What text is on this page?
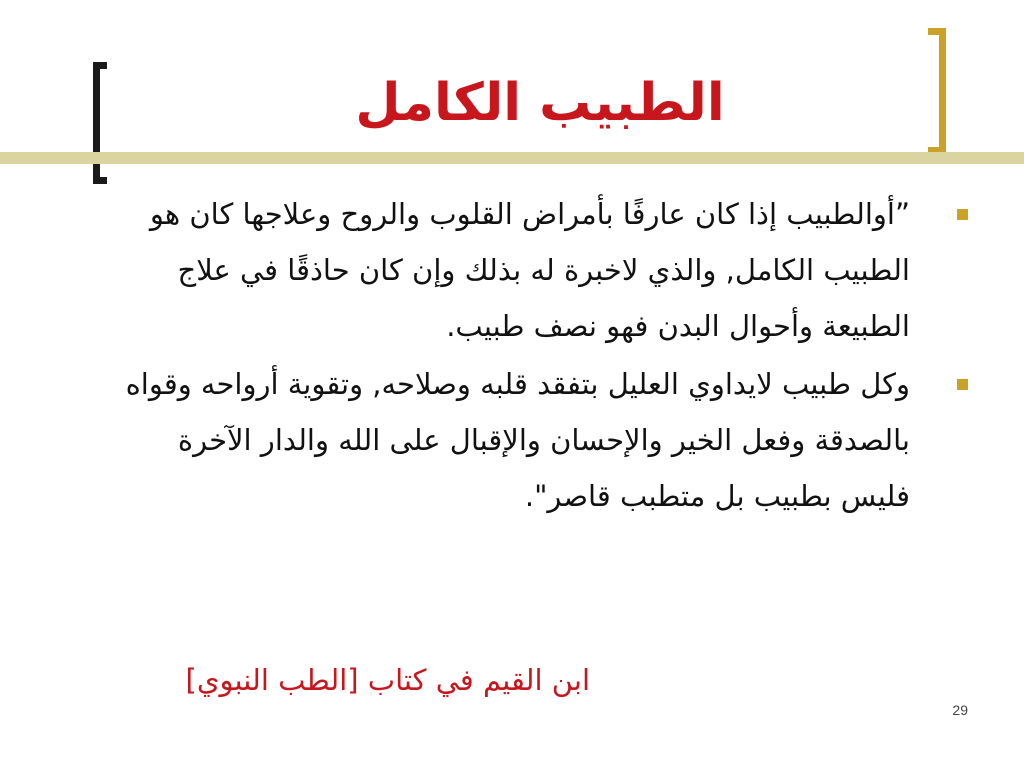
الطبيب الكامل
”أوالطبيب إذا كان عارفًا بأمراض القلوب والروح وعلاجها كان هو الطبيب الكامل, والذي لاخبرة له بذلك وإن كان حاذقًا في علاج الطبيعة وأحوال البدن فهو نصف طبيب.
وكل طبيب لايداوي العليل بتفقد قلبه وصلاحه, وتقوية أرواحه وقواه بالصدقة وفعل الخير والإحسان والإقبال على الله والدار الآخرة فليس بطبيب بل متطبب قاصر".

ابن القيم في كتاب [الطب النبوي]

29
